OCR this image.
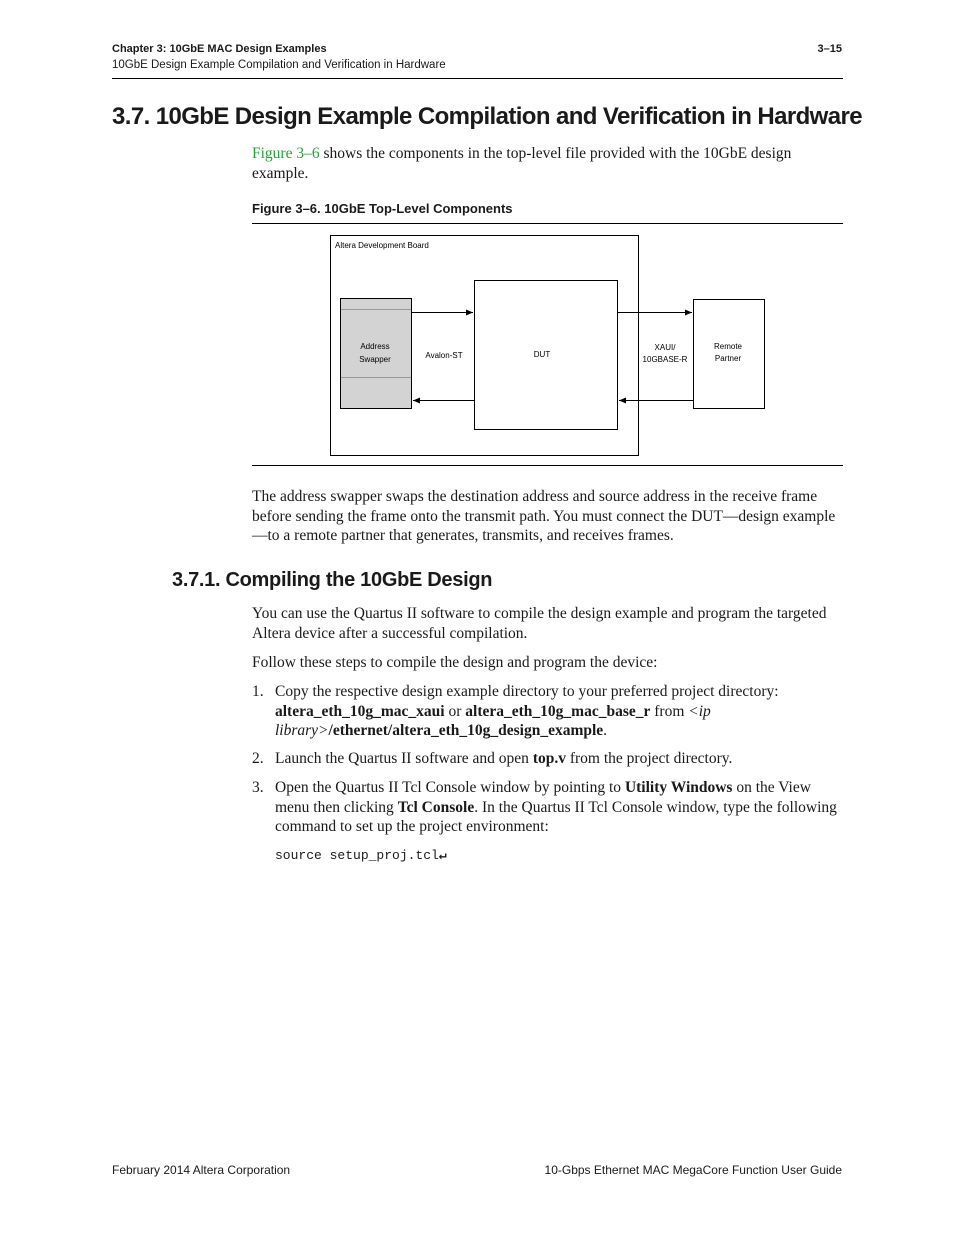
Chapter 3: 10GbE MAC Design Examples
10GbE Design Example Compilation and Verification in Hardware
3–15
3.7. 10GbE Design Example Compilation and Verification in Hardware
Figure 3–6 shows the components in the top-level file provided with the 10GbE design example.
Figure 3–6. 10GbE Top-Level Components
Altera Development Board
Address
Swapper
DUT
Remote
Partner
Avalon-ST
XAUI/
10GBASE-R
The address swapper swaps the destination address and source address in the receive frame before sending the frame onto the transmit path. You must connect the DUT—design example—to a remote partner that generates, transmits, and receives frames.
3.7.1. Compiling the 10GbE Design
You can use the Quartus II software to compile the design example and program the targeted Altera device after a successful compilation.
Follow these steps to compile the design and program the device:
1. Copy the respective design example directory to your preferred project directory: altera_eth_10g_mac_xaui or altera_eth_10g_mac_base_r from <ip library>/ethernet/altera_eth_10g_design_example.
2. Launch the Quartus II software and open top.v from the project directory.
3. Open the Quartus II Tcl Console window by pointing to Utility Windows on the View menu then clicking Tcl Console. In the Quartus II Tcl Console window, type the following command to set up the project environment:
source setup_proj.tcl↵
February 2014 Altera Corporation	10-Gbps Ethernet MAC MegaCore Function User Guide
